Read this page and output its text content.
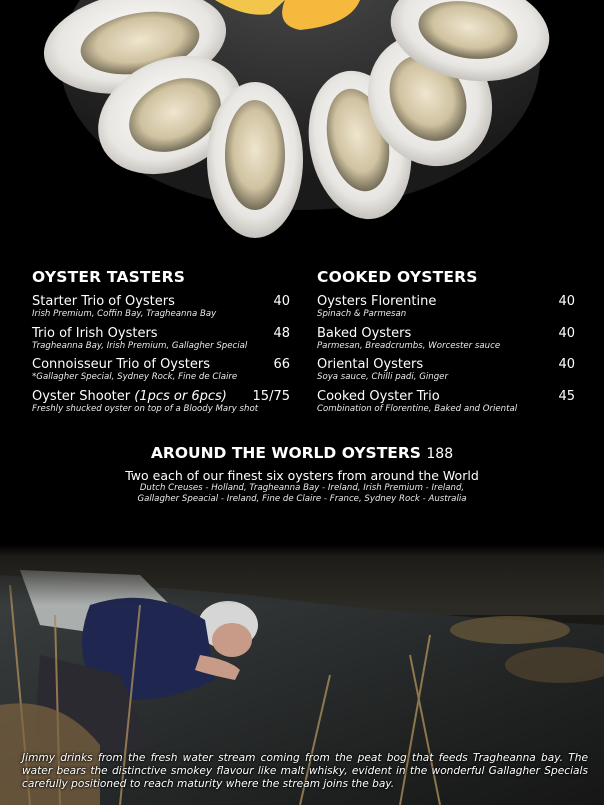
OYSTER TASTERS
Starter Trio of Oysters
Irish Premium, Coffin Bay, Tragheanna Bay
40
Trio of Irish Oysters
Tragheanna Bay, Irish Premium, Gallagher Special
48
Connoisseur Trio of Oysters
*Gallagher Special, Sydney Rock, Fine de Claire
66
Oyster Shooter (1pcs or 6pcs)
Freshly shucked oyster on top of a Bloody Mary shot
15/75
COOKED OYSTERS
Oysters Florentine
Spinach & Parmesan
40
Baked Oysters
Parmesan, Breadcrumbs, Worcester sauce
40
Oriental Oysters
Soya sauce, Chilli padi, Ginger
40
Cooked Oyster Trio
Combination of Florentine, Baked and Oriental
45
AROUND THE WORLD OYSTERS 188
Two each of our finest six oysters from around the World
Dutch Creuses - Holland, Tragheanna Bay - Ireland, Irish Premium - Ireland,
Gallagher Speacial - Ireland, Fine de Claire - France, Sydney Rock - Australia
Jimmy drinks from the fresh water stream coming from the peat bog that feeds Tragheanna bay. The water bears the distinctive smokey flavour like malt whisky, evident in the wonderful Gallagher Specials carefully positioned to reach maturity where the stream joins the bay.
